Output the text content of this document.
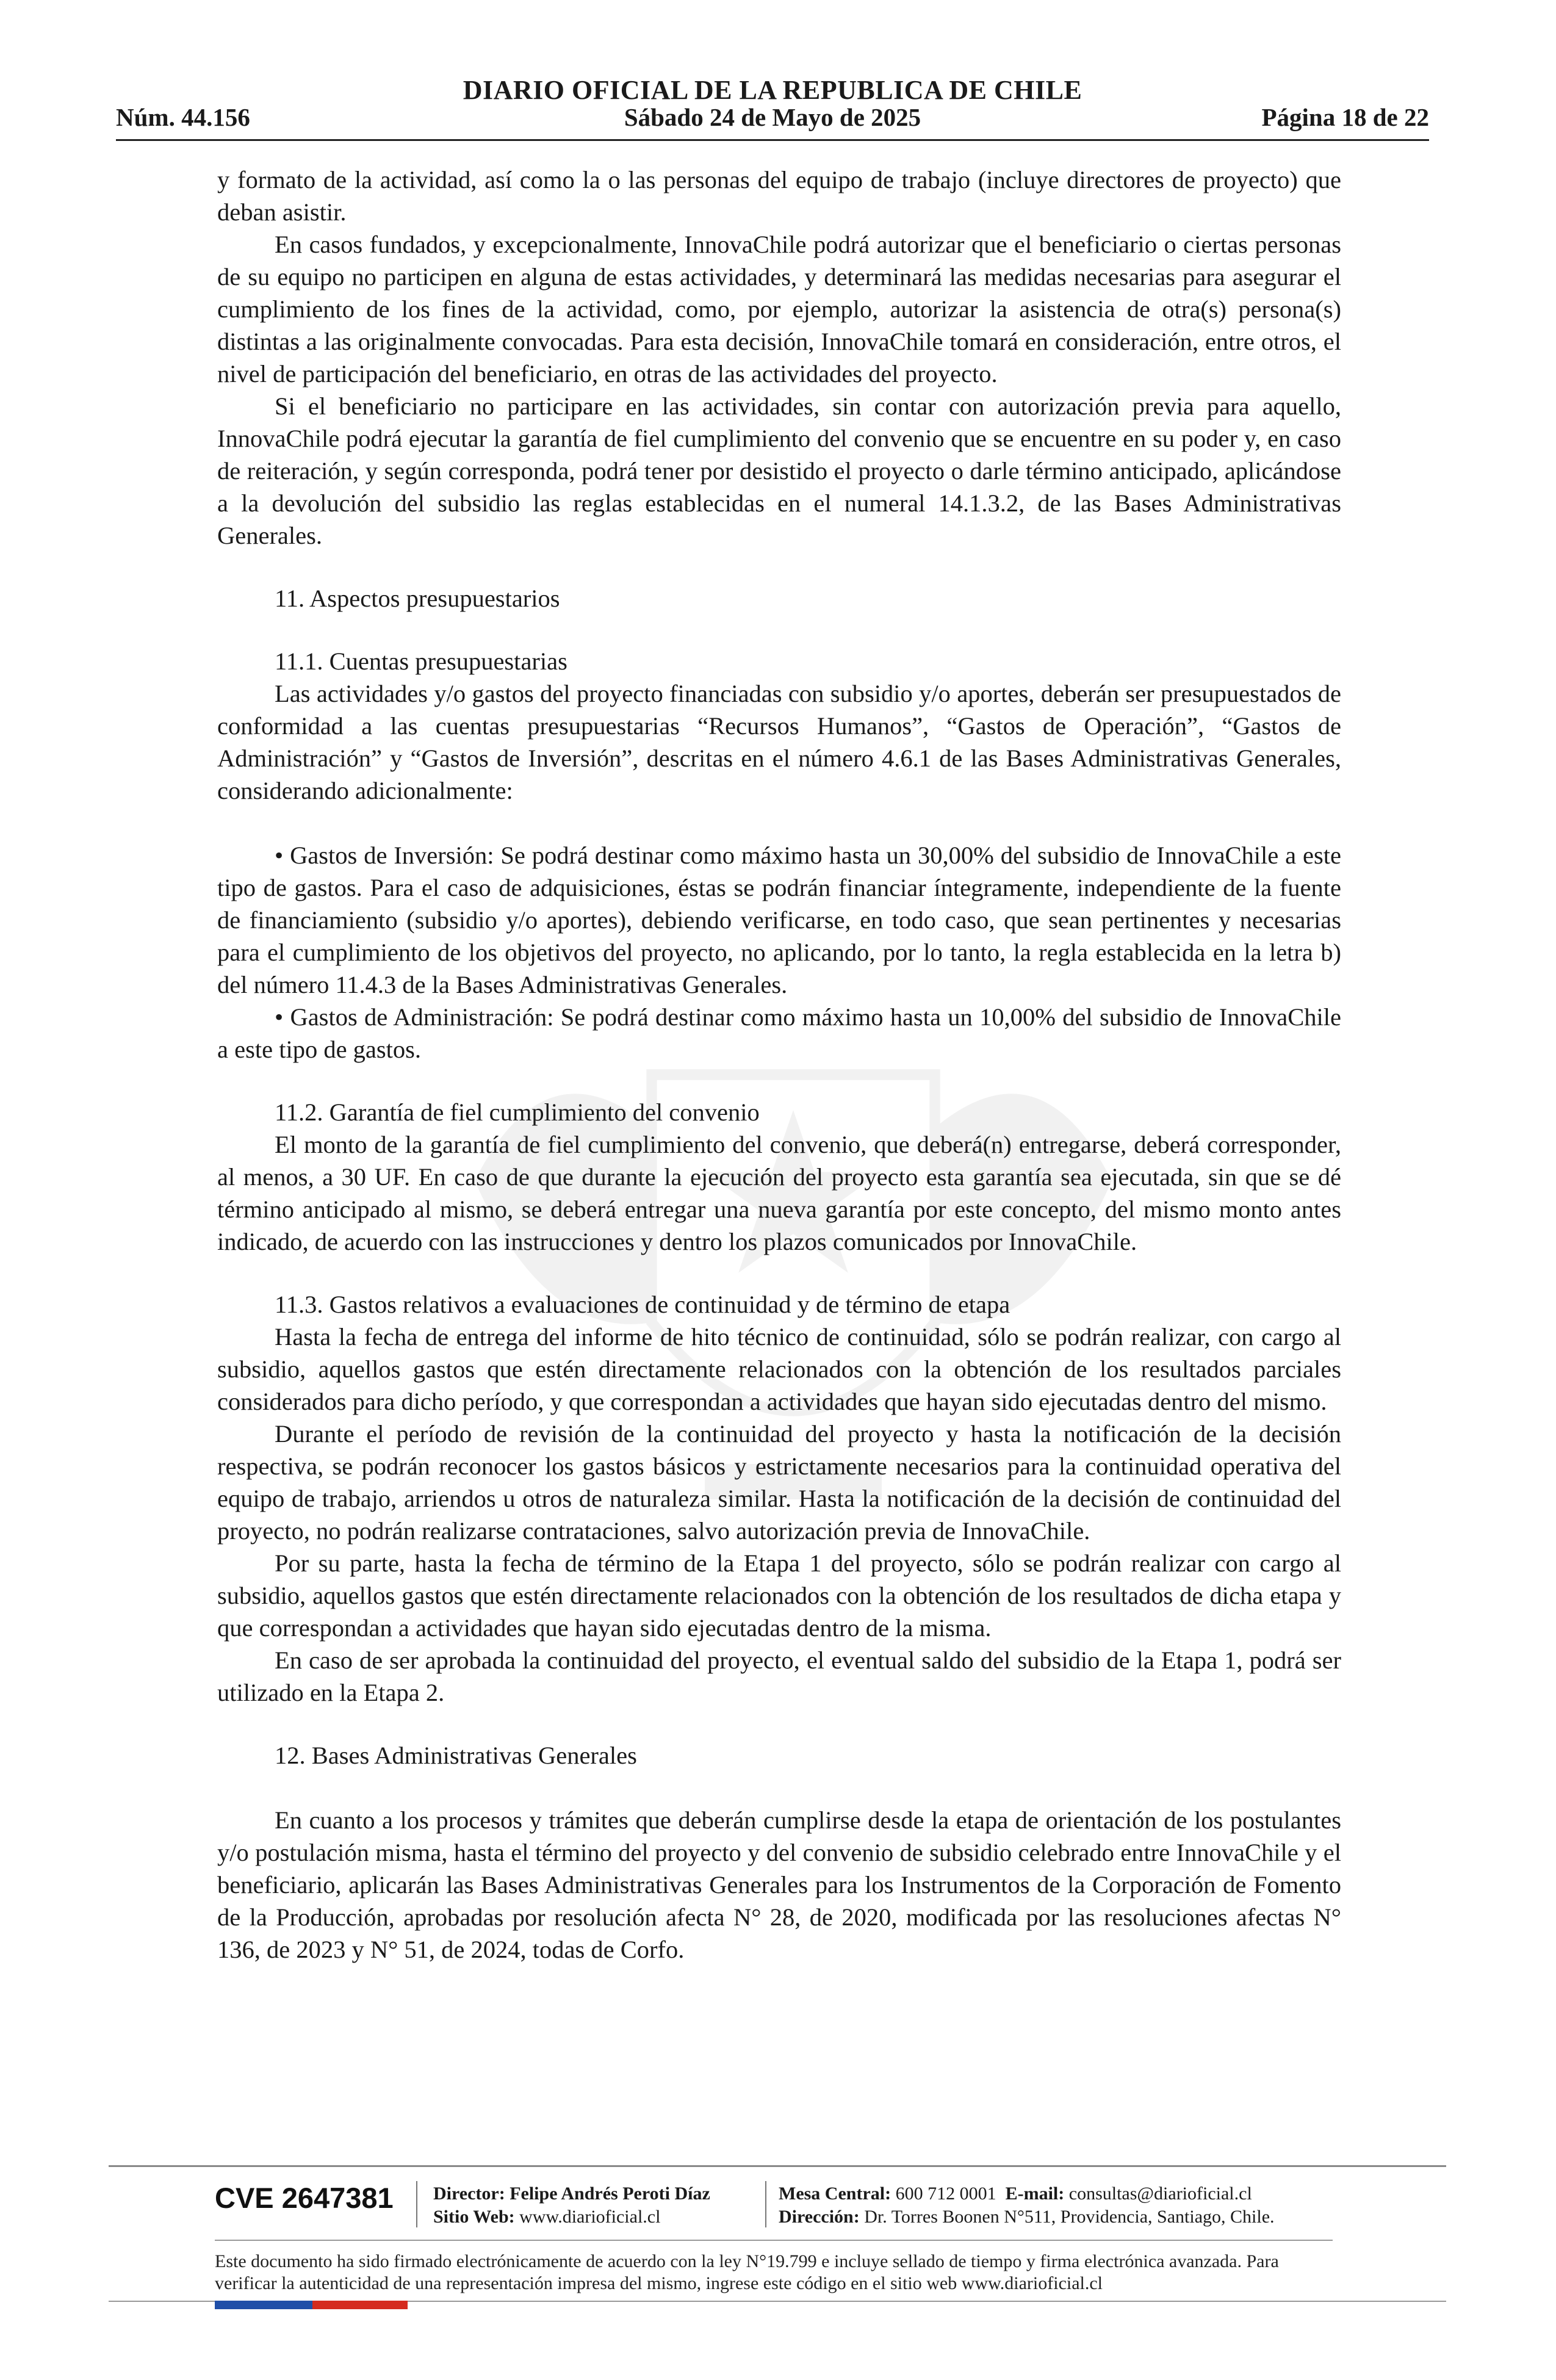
DIARIO OFICIAL DE LA REPUBLICA DE CHILE
Núm. 44.156	Sábado 24 de Mayo de 2025	Página 18 de 22

y formato de la actividad, así como la o las personas del equipo de trabajo (incluye directores de proyecto) que deban asistir.

En casos fundados, y excepcionalmente, InnovaChile podrá autorizar que el beneficiario o ciertas personas de su equipo no participen en alguna de estas actividades, y determinará las medidas necesarias para asegurar el cumplimiento de los fines de la actividad, como, por ejemplo, autorizar la asistencia de otra(s) persona(s) distintas a las originalmente convocadas. Para esta decisión, InnovaChile tomará en consideración, entre otros, el nivel de participación del beneficiario, en otras de las actividades del proyecto.

Si el beneficiario no participare en las actividades, sin contar con autorización previa para aquello, InnovaChile podrá ejecutar la garantía de fiel cumplimiento del convenio que se encuentre en su poder y, en caso de reiteración, y según corresponda, podrá tener por desistido el proyecto o darle término anticipado, aplicándose a la devolución del subsidio las reglas establecidas en el numeral 14.1.3.2, de las Bases Administrativas Generales.

11. Aspectos presupuestarios

11.1. Cuentas presupuestarias

Las actividades y/o gastos del proyecto financiadas con subsidio y/o aportes, deberán ser presupuestados de conformidad a las cuentas presupuestarias “Recursos Humanos”, “Gastos de Operación”, “Gastos de Administración” y “Gastos de Inversión”, descritas en el número 4.6.1 de las Bases Administrativas Generales, considerando adicionalmente:

• Gastos de Inversión: Se podrá destinar como máximo hasta un 30,00% del subsidio de InnovaChile a este tipo de gastos. Para el caso de adquisiciones, éstas se podrán financiar íntegramente, independiente de la fuente de financiamiento (subsidio y/o aportes), debiendo verificarse, en todo caso, que sean pertinentes y necesarias para el cumplimiento de los objetivos del proyecto, no aplicando, por lo tanto, la regla establecida en la letra b) del número 11.4.3 de la Bases Administrativas Generales.

• Gastos de Administración: Se podrá destinar como máximo hasta un 10,00% del subsidio de InnovaChile a este tipo de gastos.

11.2. Garantía de fiel cumplimiento del convenio

El monto de la garantía de fiel cumplimiento del convenio, que deberá(n) entregarse, deberá corresponder, al menos, a 30 UF. En caso de que durante la ejecución del proyecto esta garantía sea ejecutada, sin que se dé término anticipado al mismo, se deberá entregar una nueva garantía por este concepto, del mismo monto antes indicado, de acuerdo con las instrucciones y dentro los plazos comunicados por InnovaChile.

11.3. Gastos relativos a evaluaciones de continuidad y de término de etapa

Hasta la fecha de entrega del informe de hito técnico de continuidad, sólo se podrán realizar, con cargo al subsidio, aquellos gastos que estén directamente relacionados con la obtención de los resultados parciales considerados para dicho período, y que correspondan a actividades que hayan sido ejecutadas dentro del mismo.

Durante el período de revisión de la continuidad del proyecto y hasta la notificación de la decisión respectiva, se podrán reconocer los gastos básicos y estrictamente necesarios para la continuidad operativa del equipo de trabajo, arriendos u otros de naturaleza similar. Hasta la notificación de la decisión de continuidad del proyecto, no podrán realizarse contrataciones, salvo autorización previa de InnovaChile.

Por su parte, hasta la fecha de término de la Etapa 1 del proyecto, sólo se podrán realizar con cargo al subsidio, aquellos gastos que estén directamente relacionados con la obtención de los resultados de dicha etapa y que correspondan a actividades que hayan sido ejecutadas dentro de la misma.

En caso de ser aprobada la continuidad del proyecto, el eventual saldo del subsidio de la Etapa 1, podrá ser utilizado en la Etapa 2.

12. Bases Administrativas Generales

En cuanto a los procesos y trámites que deberán cumplirse desde la etapa de orientación de los postulantes y/o postulación misma, hasta el término del proyecto y del convenio de subsidio celebrado entre InnovaChile y el beneficiario, aplicarán las Bases Administrativas Generales para los Instrumentos de la Corporación de Fomento de la Producción, aprobadas por resolución afecta N° 28, de 2020, modificada por las resoluciones afectas N° 136, de 2023 y N° 51, de 2024, todas de Corfo.

CVE 2647381 Director: Felipe Andrés Peroti Díaz
Sitio Web: www.diarioficial.cl
Mesa Central: 600 712 0001 E-mail: consultas@diarioficial.cl
Dirección: Dr. Torres Boonen N°511, Providencia, Santiago, Chile.
Este documento ha sido firmado electrónicamente de acuerdo con la ley N°19.799 e incluye sellado de tiempo y firma electrónica avanzada. Para verificar la autenticidad de una representación impresa del mismo, ingrese este código en el sitio web www.diarioficial.cl
